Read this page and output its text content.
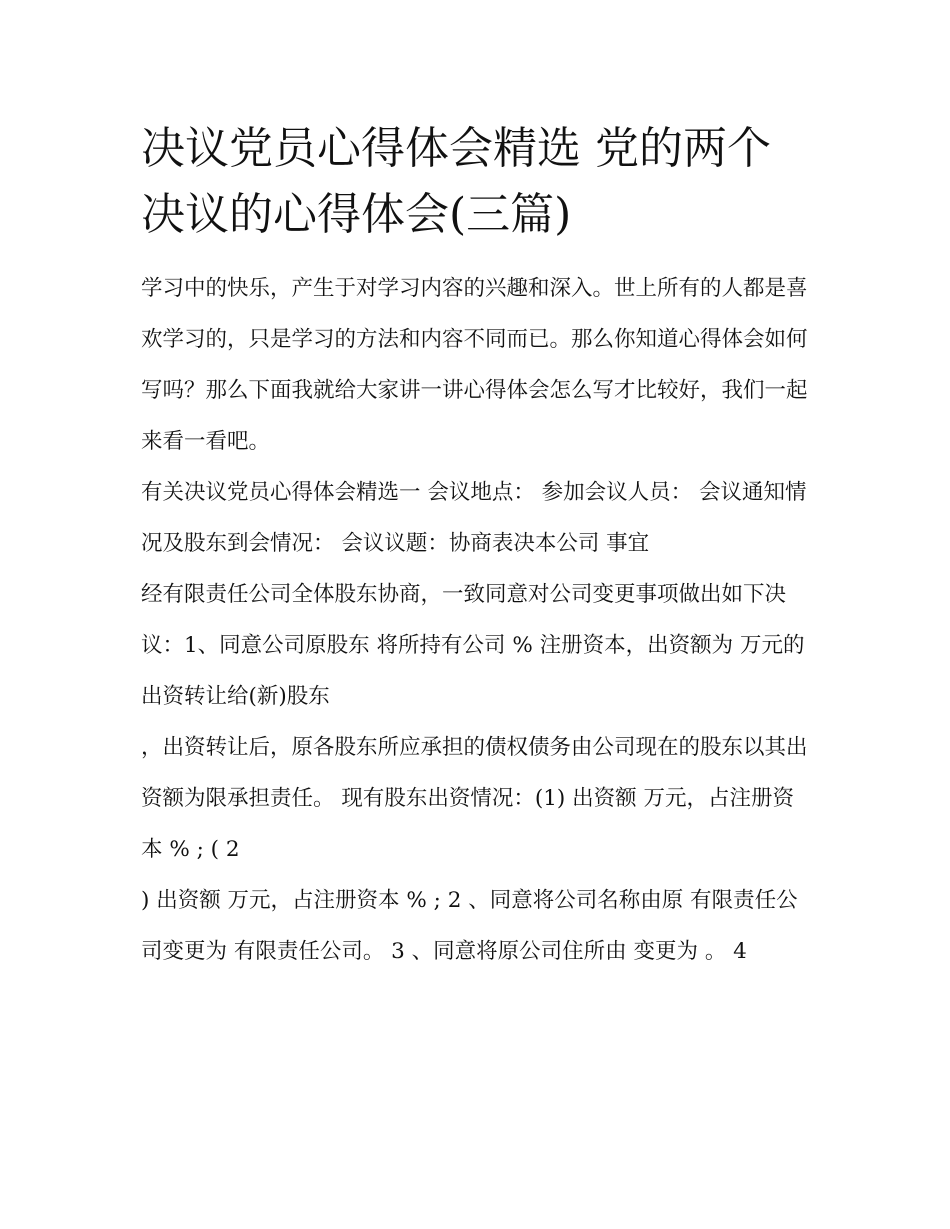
决议党员心得体会精选 党的两个决议的心得体会(三篇)

学习中的快乐，产生于对学习内容的兴趣和深入。世上所有的人都是喜欢学习的，只是学习的方法和内容不同而已。那么你知道心得体会如何写吗？那么下面我就给大家讲一讲心得体会怎么写才比较好，我们一起来看一看吧。

有关决议党员心得体会精选一 会议地点： 参加会议人员： 会议通知情况及股东到会情况： 会议议题：协商表决本公司 事宜

经有限责任公司全体股东协商，一致同意对公司变更事项做出如下决议：1、同意公司原股东 将所持有公司 % 注册资本，出资额为 万元的出资转让给(新)股东

，出资转让后，原各股东所应承担的债权债务由公司现在的股东以其出资额为限承担责任。 现有股东出资情况：(1) 出资额 万元，占注册资本 % ; ( 2

) 出资额 万元，占注册资本 % ; 2 、同意将公司名称由原 有限责任公司变更为 有限责任公司。 3 、同意将原公司住所由 变更为 。 4
